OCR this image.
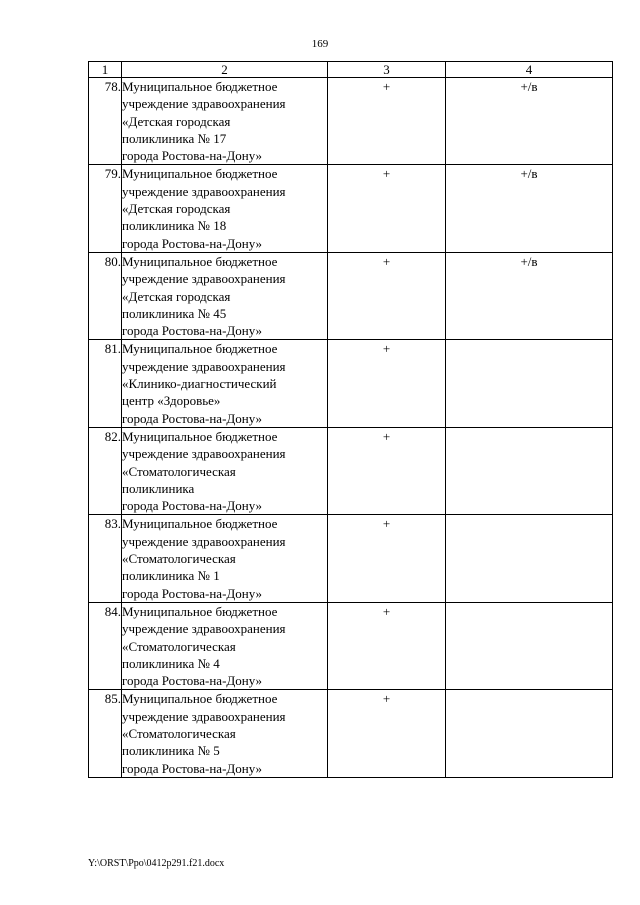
169
1	2	3	4
78.	Муниципальное бюджетное
учреждение здравоохранения
«Детская городская
поликлиника № 17
города Ростова-на-Дону»	+	+/в
79.	Муниципальное бюджетное
учреждение здравоохранения
«Детская городская
поликлиника № 18
города Ростова-на-Дону»	+	+/в
80.	Муниципальное бюджетное
учреждение здравоохранения
«Детская городская
поликлиника № 45
города Ростова-на-Дону»	+	+/в
81.	Муниципальное бюджетное
учреждение здравоохранения
«Клинико-диагностический
центр «Здоровье»
города Ростова-на-Дону»	+	
82.	Муниципальное бюджетное
учреждение здравоохранения
«Стоматологическая
поликлиника
города Ростова-на-Дону»	+	
83.	Муниципальное бюджетное
учреждение здравоохранения
«Стоматологическая
поликлиника № 1
города Ростова-на-Дону»	+	
84.	Муниципальное бюджетное
учреждение здравоохранения
«Стоматологическая
поликлиника № 4
города Ростова-на-Дону»	+	
85.	Муниципальное бюджетное
учреждение здравоохранения
«Стоматологическая
поликлиника № 5
города Ростова-на-Дону»	+	
Y:\ORST\Ppo\0412p291.f21.docx
